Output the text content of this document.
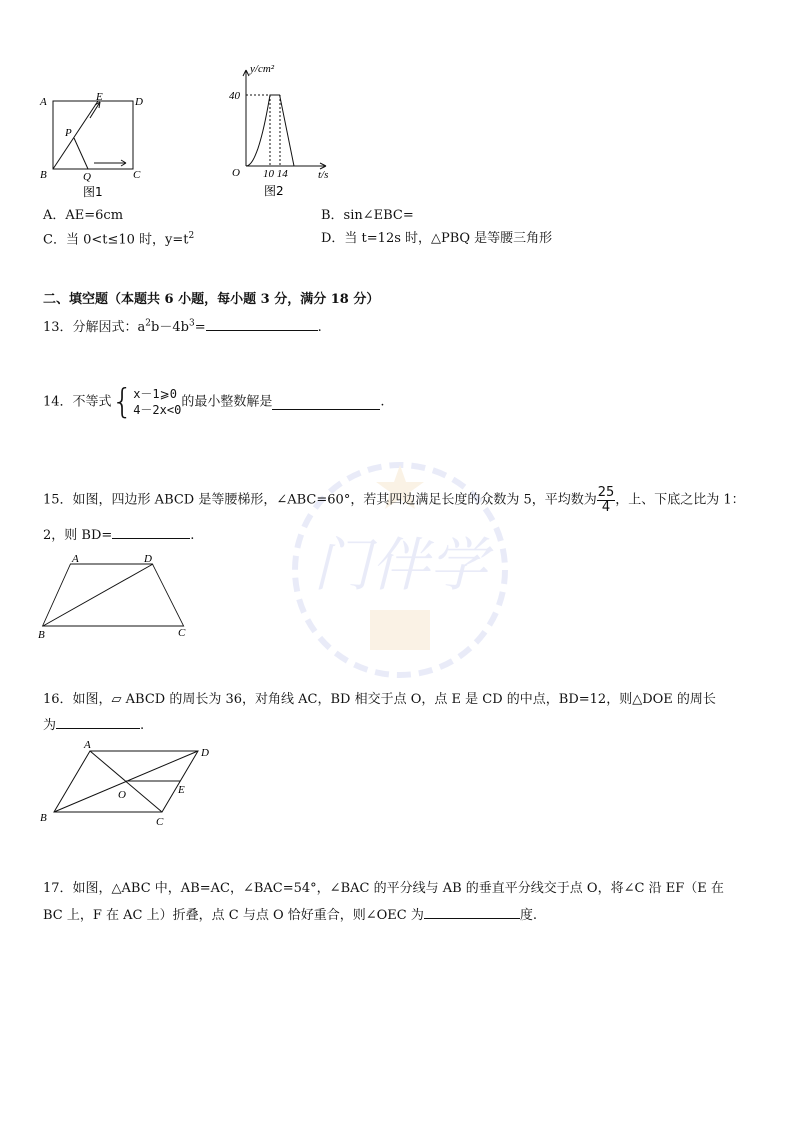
门伴学
A	E	D
P
B	Q	C
图1
y/cm²
40
O 10 14	t/s
图2
A．AE=6cm	B．sin∠EBC=
C．当 0<t≤10 时，$y=t^2$	D．当 t=12s 时，△PBQ 是等腰三角形
二、填空题（本题共 6 小题，每小题 3 分，满分 18 分）
13．分解因式：$a^2b-4b^3=$	.
14．不等式{ x－1⩾0
4－2x<0
的最小整数解是	.
15．如图，四边形 ABCD 是等腰梯形，∠ABC=60°，若其四边满足长度的众数为 5，平均数为 $\frac{25}{4}$ ，上、下底之比为 1：
2，则 BD=	.
A	D
B	C
16．如图，▱ ABCD 的周长为 36，对角线 AC，BD 相交于点 O，点 E 是 CD 的中点，BD=12，则△DOE 的周长
为	.
A
D
O	E
B	C
17．如图，△ABC 中，AB=AC，∠BAC=54°，∠BAC 的平分线与 AB 的垂直平分线交于点 O，将∠C 沿 EF（E 在
BC 上，F 在 AC 上）折叠，点 C 与点 O 恰好重合，则∠OEC 为	度.
